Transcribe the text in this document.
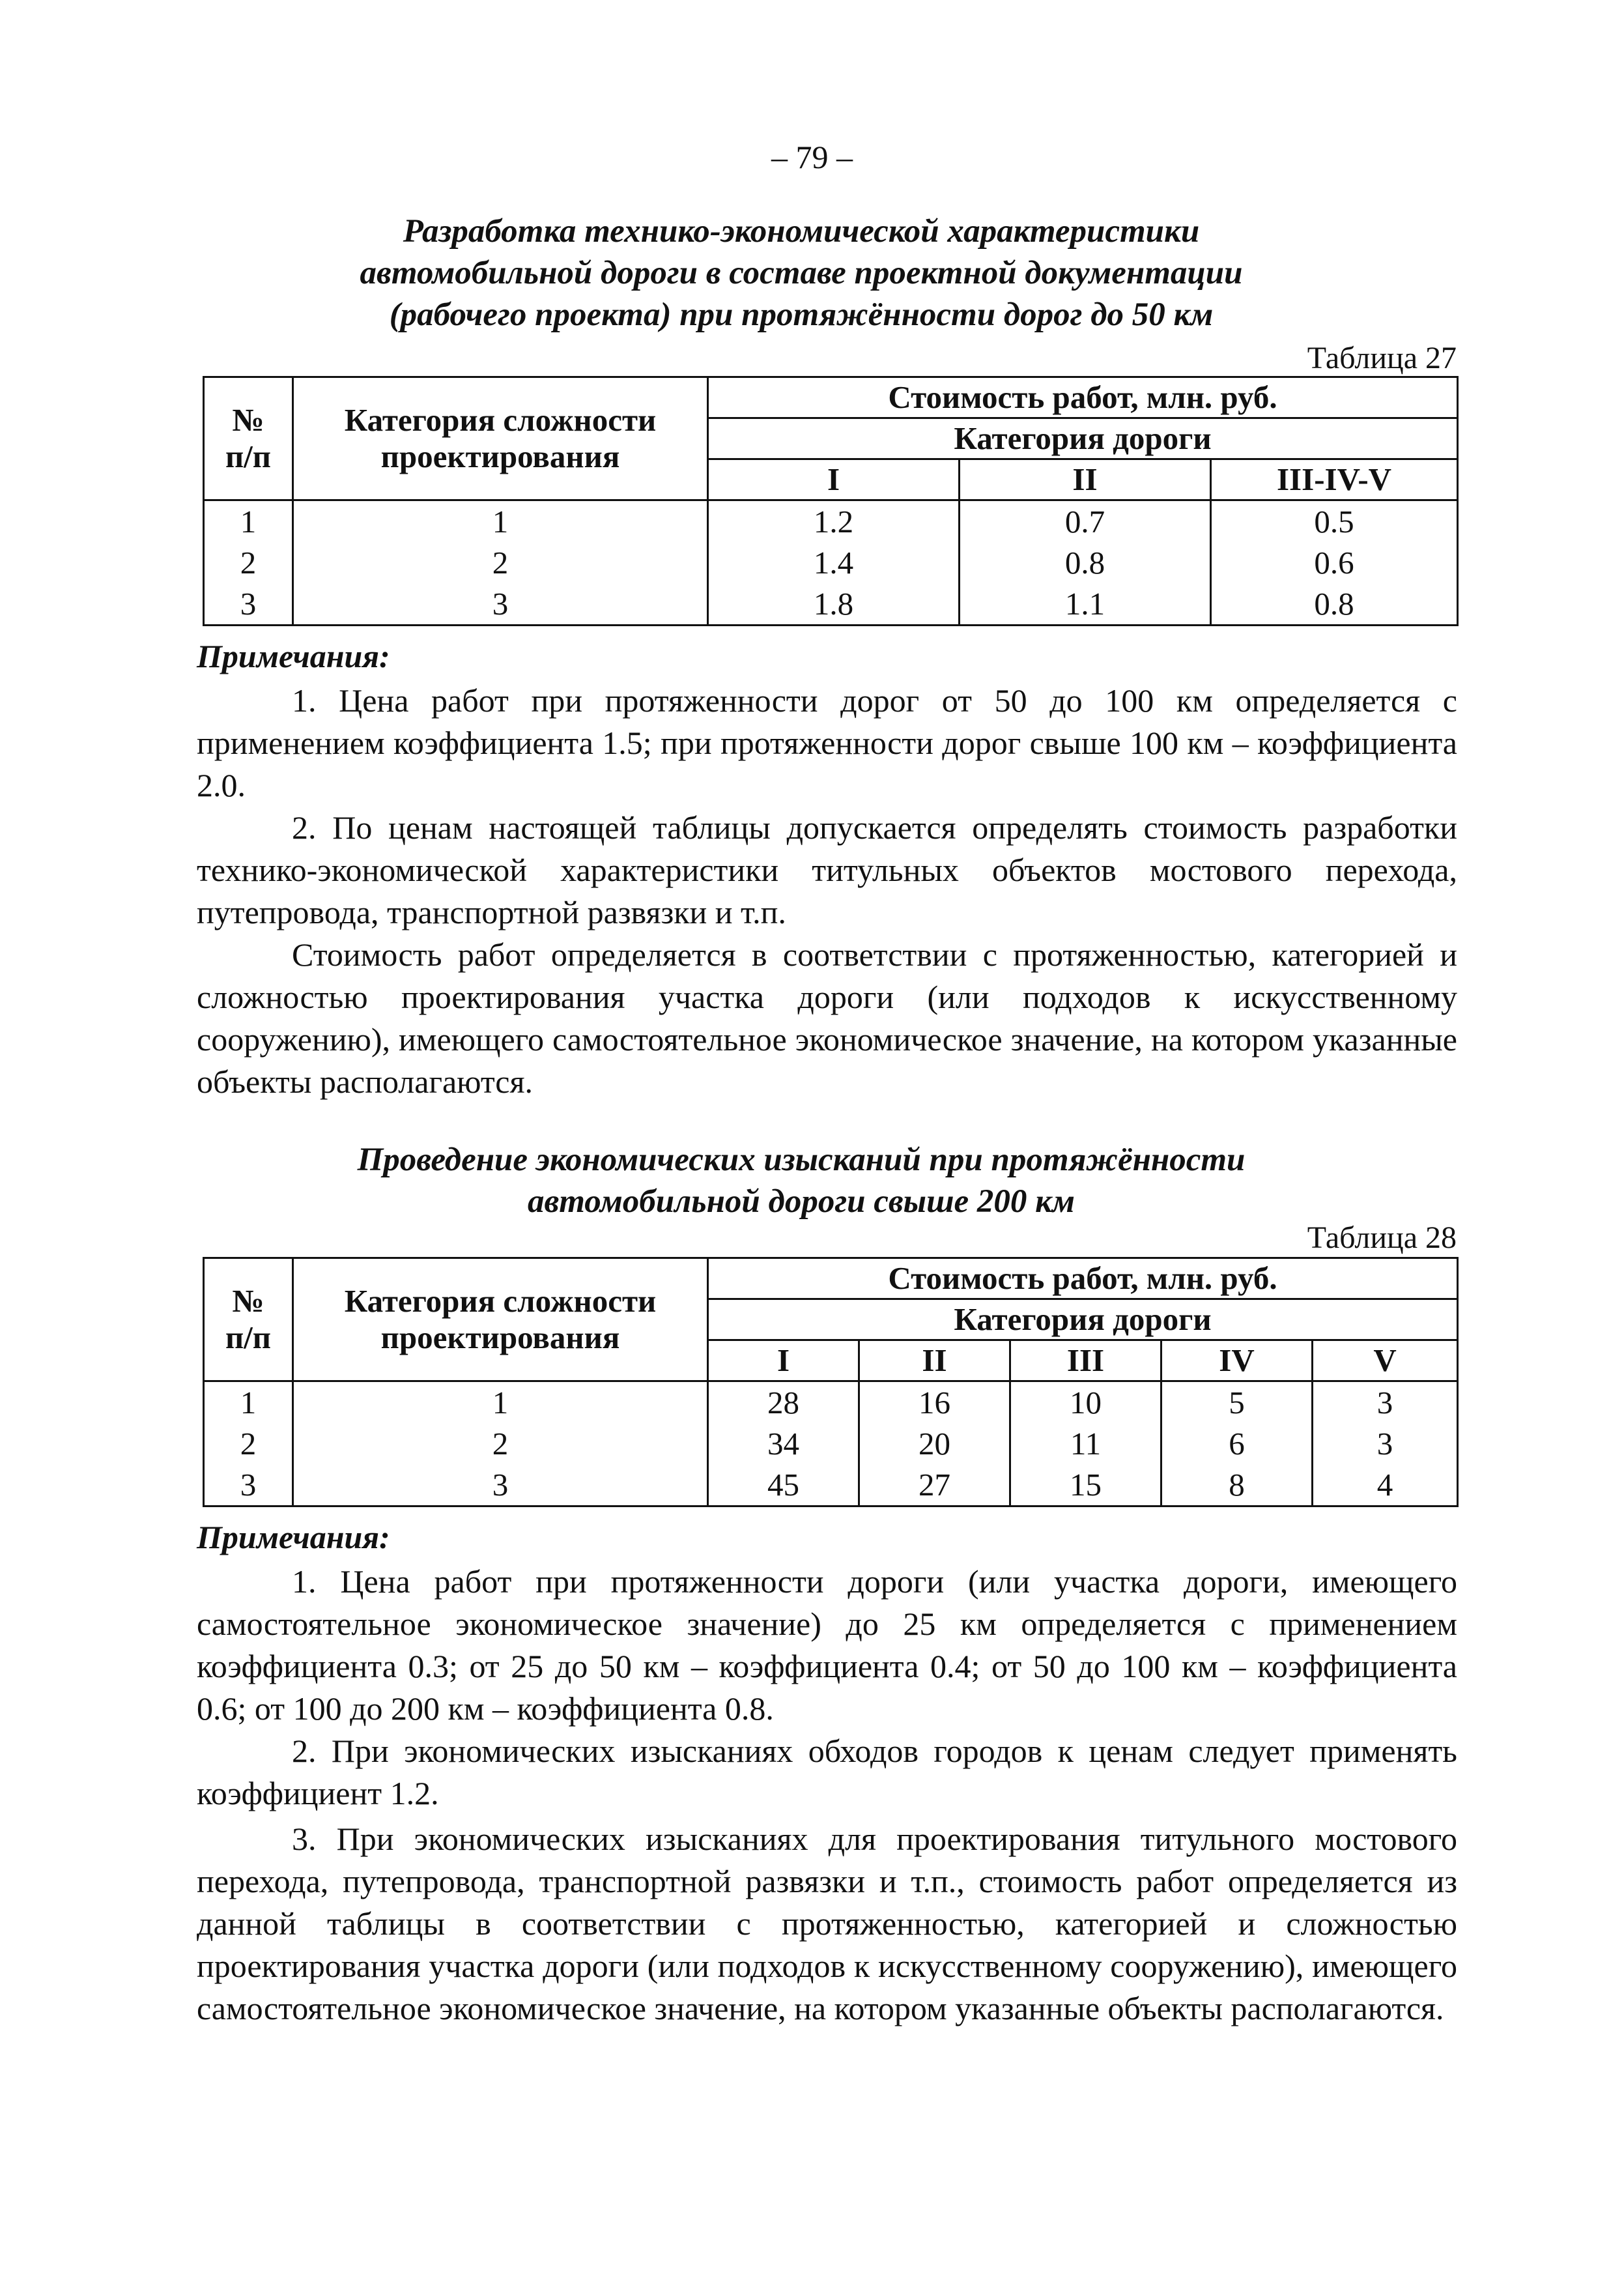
– 79 –
Разработка технико-экономической характеристики
автомобильной дороги в составе проектной документации
(рабочего проекта) при протяжённости дорог до 50 км
Таблица 27
№ п/п	Категория сложности проектирования	Стоимость работ, млн. руб.		
		Категория дороги		
		I	II	III-IV-V
1	1	1.2	0.7	0.5
2	2	1.4	0.8	0.6
3	3	1.8	1.1	0.8
Примечания:

1. Цена работ при протяженности дорог от 50 до 100 км определяется с применением коэффициента 1.5; при протяженности дорог свыше 100 км – коэффициента 2.0.

2. По ценам настоящей таблицы допускается определять стоимость разработки технико-экономической характеристики титульных объектов мостового перехода, путепровода, транспортной развязки и т.п.

Стоимость работ определяется в соответствии с протяженностью, категорией и сложностью проектирования участка дороги (или подходов к искусственному сооружению), имеющего самостоятельное экономическое значение, на котором указанные объекты располагаются.

Проведение экономических изысканий при протяжённости
автомобильной дороги свыше 200 км
Таблица 28
№ п/п	Категория сложности проектирования	Стоимость работ, млн. руб.				
		Категория дороги				
		I	II	III	IV	V
1	1	28	16	10	5	3
2	2	34	20	11	6	3
3	3	45	27	15	8	4
Примечания:

1. Цена работ при протяженности дороги (или участка дороги, имеющего самостоятельное экономическое значение) до 25 км определяется с применением коэффициента 0.3; от 25 до 50 км – коэффициента 0.4; от 50 до 100 км – коэффициента 0.6; от 100 до 200 км – коэффициента 0.8.

2. При экономических изысканиях обходов городов к ценам следует применять коэффициент 1.2.

3. При экономических изысканиях для проектирования титульного мостового перехода, путепровода, транспортной развязки и т.п., стоимость работ определяется из данной таблицы в соответствии с протяженностью, категорией и сложностью проектирования участка дороги (или подходов к искусственному сооружению), имеющего самостоятельное экономическое значение, на котором указанные объекты располагаются.
